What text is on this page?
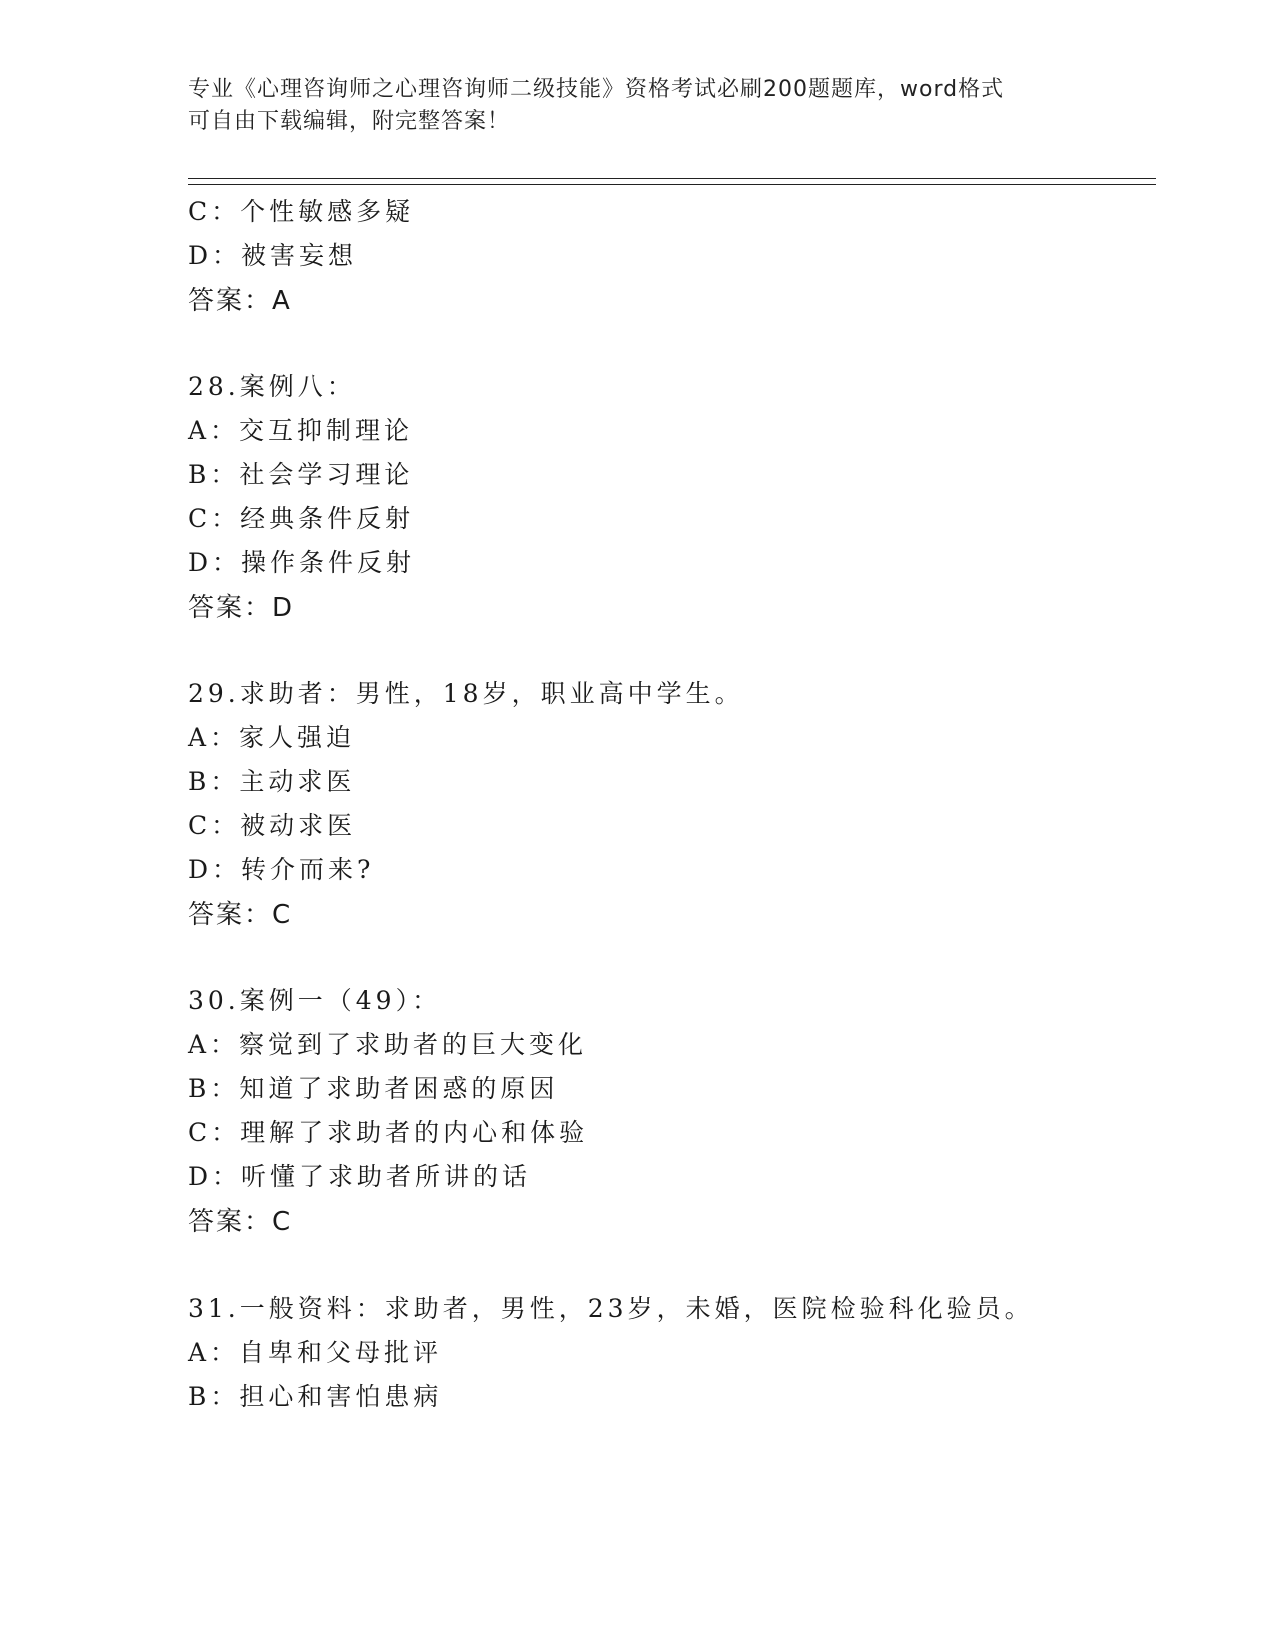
专业《心理咨询师之心理咨询师二级技能》资格考试必刷200题题库，word格式
可自由下载编辑，附完整答案！
C：个性敏感多疑
D：被害妄想
答案：A
28.案例八：
A：交互抑制理论
B：社会学习理论
C：经典条件反射
D：操作条件反射
答案：D
29.求助者：男性，18岁，职业高中学生。
A：家人强迫
B：主动求医
C：被动求医
D：转介而来?
答案：C
30.案例一（49）：
A：察觉到了求助者的巨大变化
B：知道了求助者困惑的原因
C：理解了求助者的内心和体验
D：听懂了求助者所讲的话
答案：C
31.一般资料：求助者，男性，23岁，未婚，医院检验科化验员。
A：自卑和父母批评
B：担心和害怕患病
